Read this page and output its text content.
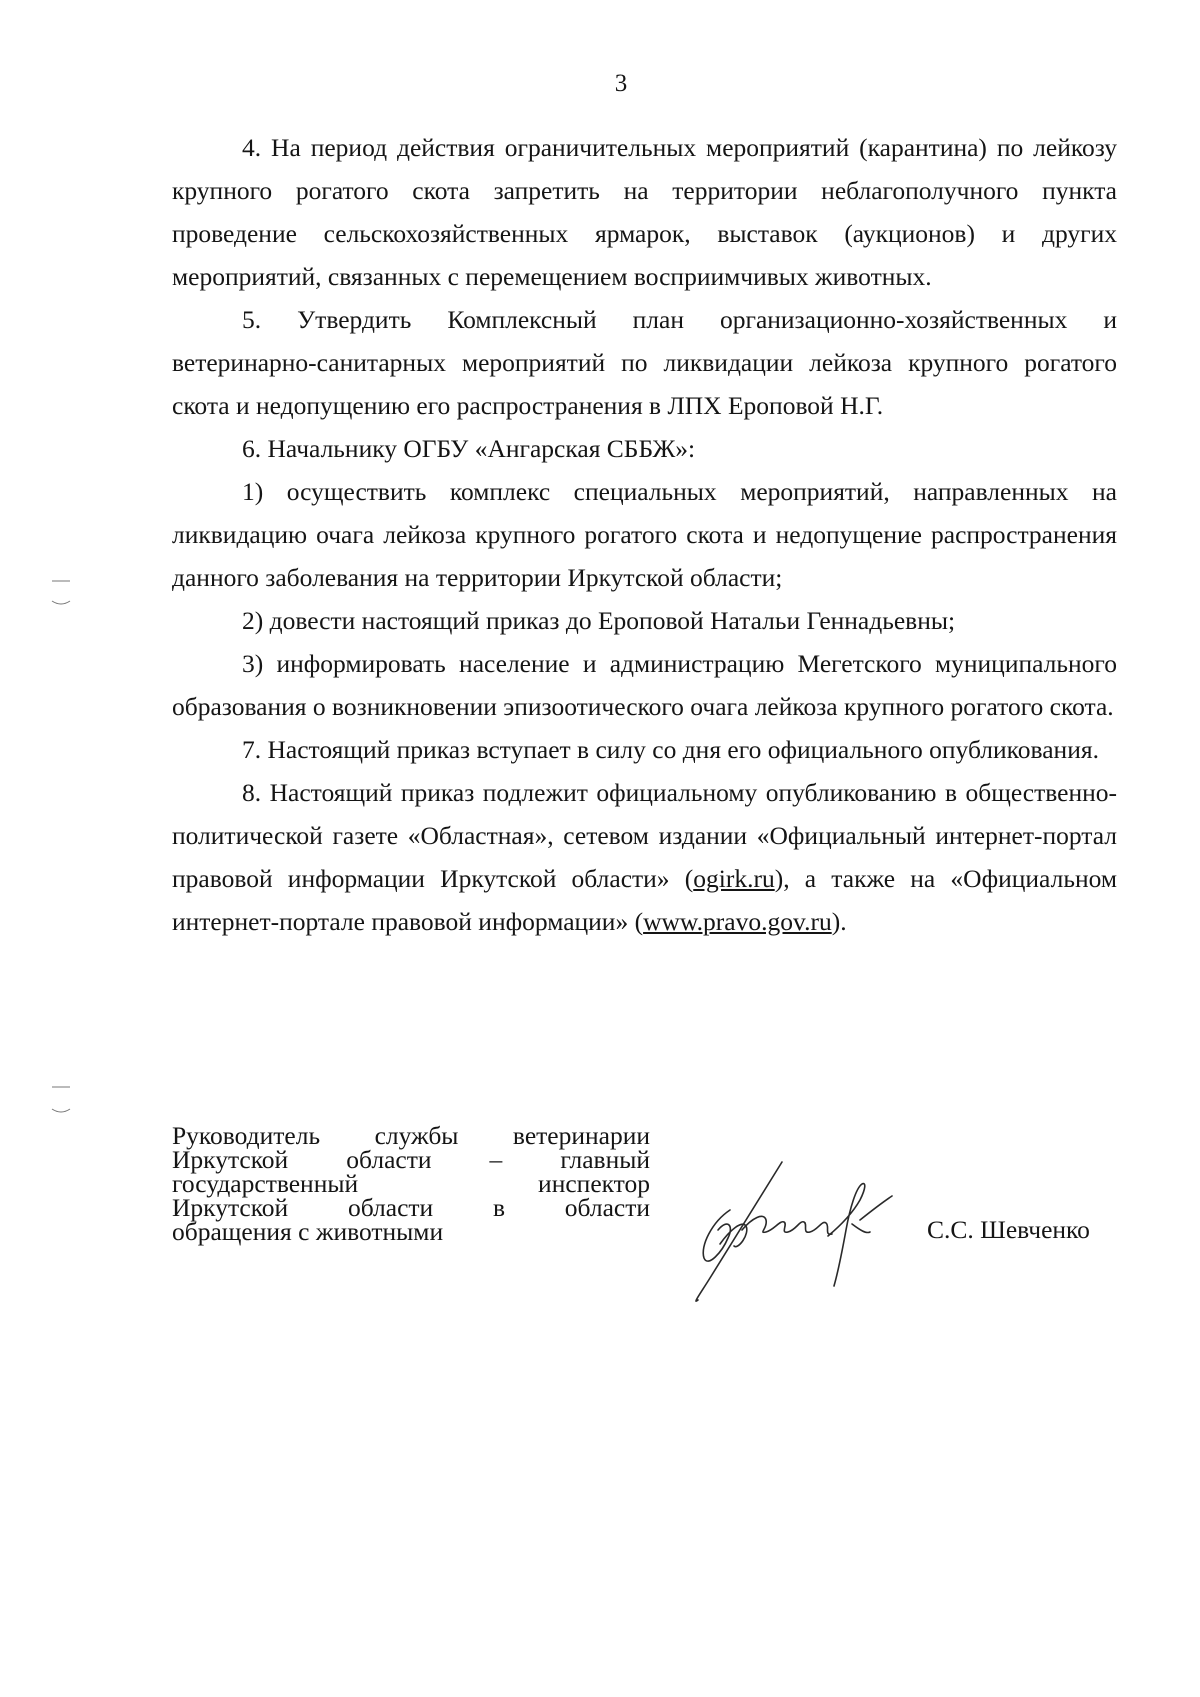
3

4. На период действия ограничительных мероприятий (карантина) по лейкозу крупного рогатого скота запретить на территории неблагополучного пункта проведение сельскохозяйственных ярмарок, выставок (аукционов) и других мероприятий, связанных с перемещением восприимчивых животных.

5. Утвердить Комплексный план организационно-хозяйственных и ветеринарно-санитарных мероприятий по ликвидации лейкоза крупного рогатого скота и недопущению его распространения в ЛПХ Ероповой Н.Г.

6. Начальнику ОГБУ «Ангарская СББЖ»:

1) осуществить комплекс специальных мероприятий, направленных на ликвидацию очага лейкоза крупного рогатого скота и недопущение распространения данного заболевания на территории Иркутской области;

2) довести настоящий приказ до Ероповой Натальи Геннадьевны;

3) информировать население и администрацию Мегетского муниципального образования о возникновении эпизоотического очага лейкоза крупного рогатого скота.

7. Настоящий приказ вступает в силу со дня его официального опубликования.

8. Настоящий приказ подлежит официальному опубликованию в общественно-политической газете «Областная», сетевом издании «Официальный интернет-портал правовой информации Иркутской области» (ogirk.ru), а также на «Официальном интернет-портале правовой информации» (www.pravo.gov.ru).

Руководитель службы ветеринарии
Иркутской области – главный
государственный инспектор
Иркутской области в области
обращения с животными	С.С. Шевченко
